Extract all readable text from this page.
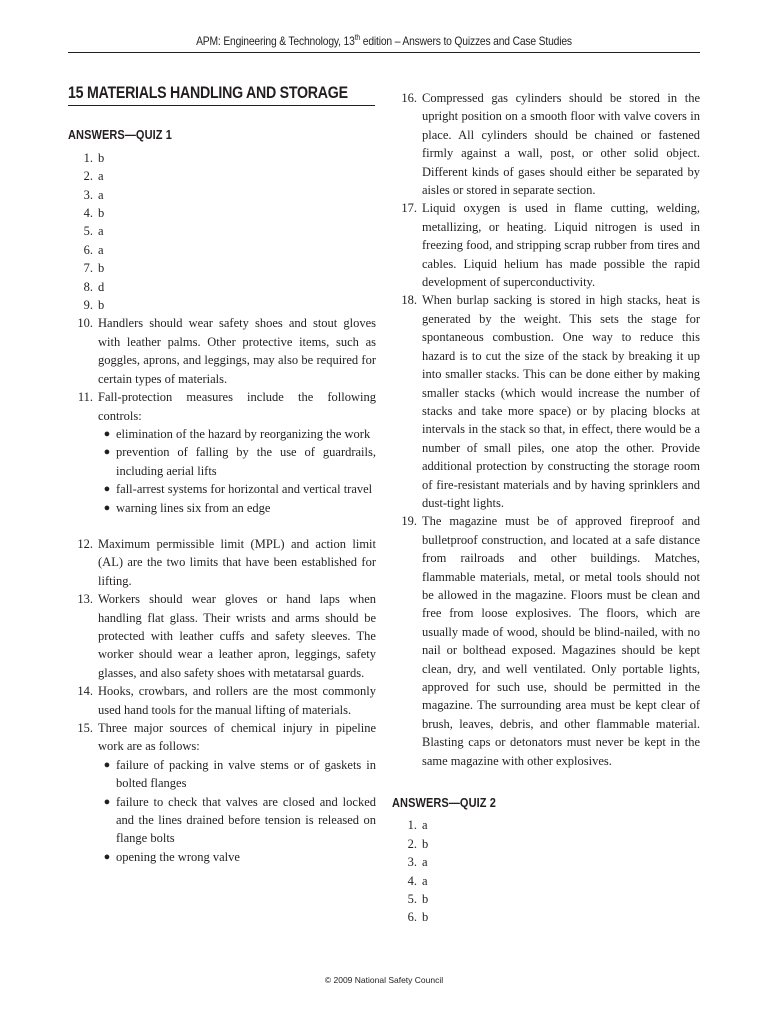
APM: Engineering & Technology, 13th edition – Answers to Quizzes and Case Studies
15 MATERIALS HANDLING AND STORAGE
ANSWERS—QUIZ 1
1. b
2. a
3. a
4. b
5. a
6. a
7. b
8. d
9. b
10. Handlers should wear safety shoes and stout gloves with leather palms. Other protective items, such as goggles, aprons, and leggings, may also be required for certain types of materials.
11. Fall-protection measures include the following controls:
● elimination of the hazard by reorganizing the work
● prevention of falling by the use of guardrails, including aerial lifts
● fall-arrest systems for horizontal and vertical travel
● warning lines six from an edge
12. Maximum permissible limit (MPL) and action limit (AL) are the two limits that have been established for lifting.
13. Workers should wear gloves or hand laps when handling flat glass. Their wrists and arms should be protected with leather cuffs and safety sleeves. The worker should wear a leather apron, leggings, safety glasses, and also safety shoes with metatarsal guards.
14. Hooks, crowbars, and rollers are the most commonly used hand tools for the manual lifting of materials.
15. Three major sources of chemical injury in pipeline work are as follows:
● failure of packing in valve stems or of gaskets in bolted flanges
● failure to check that valves are closed and locked and the lines drained before tension is released on flange bolts
● opening the wrong valve
16. Compressed gas cylinders should be stored in the upright position on a smooth floor with valve covers in place. All cylinders should be chained or fastened firmly against a wall, post, or other solid object. Different kinds of gases should either be separated by aisles or stored in separate section.
17. Liquid oxygen is used in flame cutting, welding, metallizing, or heating. Liquid nitrogen is used in freezing food, and stripping scrap rubber from tires and cables. Liquid helium has made possible the rapid development of superconductivity.
18. When burlap sacking is stored in high stacks, heat is generated by the weight. This sets the stage for spontaneous combustion. One way to reduce this hazard is to cut the size of the stack by breaking it up into smaller stacks. This can be done either by making smaller stacks (which would increase the number of stacks and take more space) or by placing blocks at intervals in the stack so that, in effect, there would be a number of small piles, one atop the other. Provide additional protection by constructing the storage room of fire-resistant materials and by having sprinklers and dust-tight lights.
19. The magazine must be of approved fireproof and bulletproof construction, and located at a safe distance from railroads and other buildings. Matches, flammable materials, metal, or metal tools should not be allowed in the magazine. Floors must be clean and free from loose explosives. The floors, which are usually made of wood, should be blind-nailed, with no nail or bolthead exposed. Magazines should be kept clean, dry, and well ventilated. Only portable lights, approved for such use, should be permitted in the magazine. The surrounding area must be kept clear of brush, leaves, debris, and other flammable material. Blasting caps or detonators must never be kept in the same magazine with other explosives.
ANSWERS—QUIZ 2
1. a
2. b
3. a
4. a
5. b
6. b
© 2009 National Safety Council
